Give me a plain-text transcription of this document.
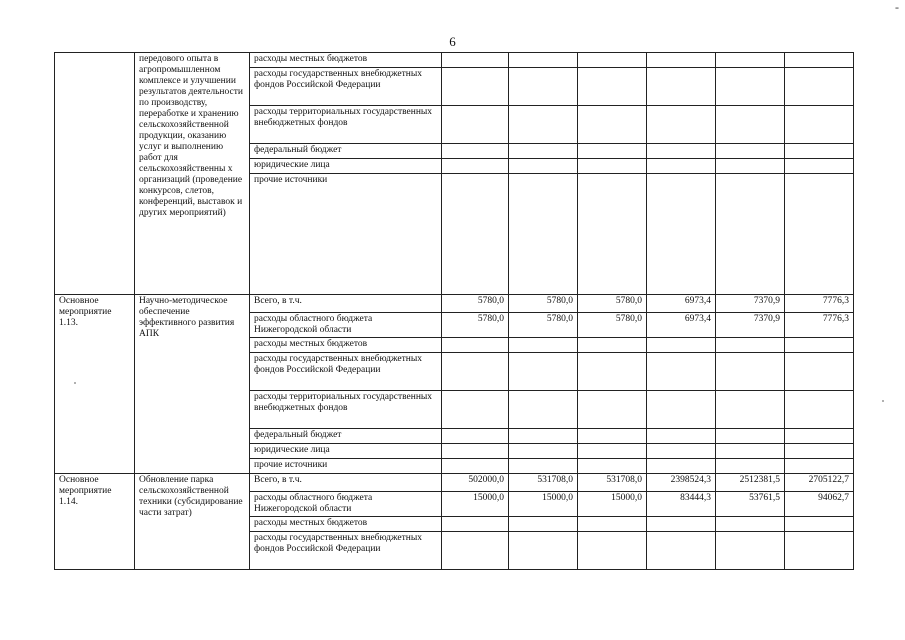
6
-
	передового опыта в агропромышленном комплексе и улучшении результатов деятельности по производству, переработке и хранению сельскохозяйственной продукции, оказанию услуг и выполнению работ для сельскохозяйственны х организаций (проведение конкурсов, слетов, конференций, выставок и других мероприятий)	расходы местных бюджетов						
		расходы государственных внебюджетных фондов Российской Федерации						
		расходы территориальных государственных внебюджетных фондов						
		федеральный бюджет						
		юридические лица						
		прочие источники						
Основное мероприятие 1.13.	Научно-методическое обеспечение эффективного развития АПК	Всего, в т.ч.	5780,0	5780,0	5780,0	6973,4	7370,9	7776,3
		расходы областного бюджета Нижегородской области	5780,0	5780,0	5780,0	6973,4	7370,9	7776,3
		расходы местных бюджетов						
		расходы государственных внебюджетных фондов Российской Федерации						
		расходы территориальных государственных внебюджетных фондов						
		федеральный бюджет						
		юридические лица						
		прочие источники						
Основное мероприятие 1.14.	Обновление парка сельскохозяйственной техники (субсидирование части затрат)	Всего, в т.ч.	502000,0	531708,0	531708,0	2398524,3	2512381,5	2705122,7
		расходы областного бюджета Нижегородской области	15000,0	15000,0	15000,0	83444,3	53761,5	94062,7
		расходы местных бюджетов						
		расходы государственных внебюджетных фондов Российской Федерации						
